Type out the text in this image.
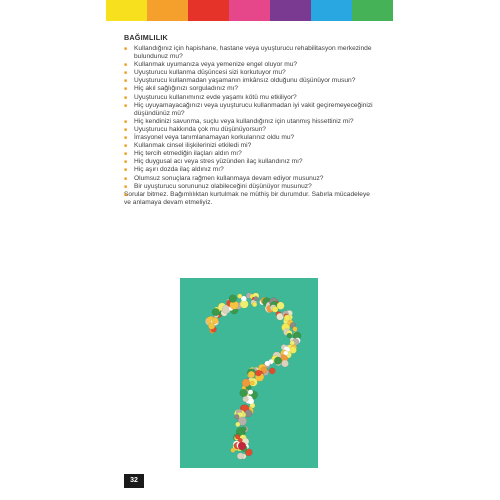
BAĞIMLILIK
■ Kullandığınız için hapishane, hastane veya uyuşturucu rehabilitasyon merkezinde bulundunuz mu?
■ Kullanmak uyumanıza veya yemenize engel oluyor mu?
■ Uyuşturucu kullanma düşüncesi sizi korkutuyor mu?
■ Uyuşturucu kullanmadan yaşamanın imkânsız olduğunu düşünüyor musun?
■ Hiç akıl sağlığınızı sorguladınız mı?
■ Uyuşturucu kullanımınız evde yaşamı kötü mu etkiliyor?
■ Hiç uyuyamayacağınızı veya uyuşturucu kullanmadan iyi vakit geçiremeyeceğinizi düşündünüz mü?
■ Hiç kendinizi savunma, suçlu veya kullandığınız için utanmış hissettiniz mi?
■ Uyuşturucu hakkında çok mu düşünüyorsun?
■ İrrasyonel veya tanımlanamayan korkularınız oldu mu?
■ Kullanmak cinsel ilişkilerinizi etkiledi mi?
■ Hiç tercih etmediğin ilaçları aldın mı?
■ Hiç duygusal acı veya stres yüzünden ilaç kullandınız mı?
■ Hiç aşırı dozda ilaç aldınız mı?
■ Olumsuz sonuçlara rağmen kullanmaya devam ediyor musunuz?
■ Bir uyuşturucu sorununuz olabileceğini düşünüyor musunuz?
■ Sorular bitmez. Bağımlılıktan kurtulmak ne müthiş bir durumdur. Sabırla mücadeleye ve anlamaya devam etmeliyiz.
32
